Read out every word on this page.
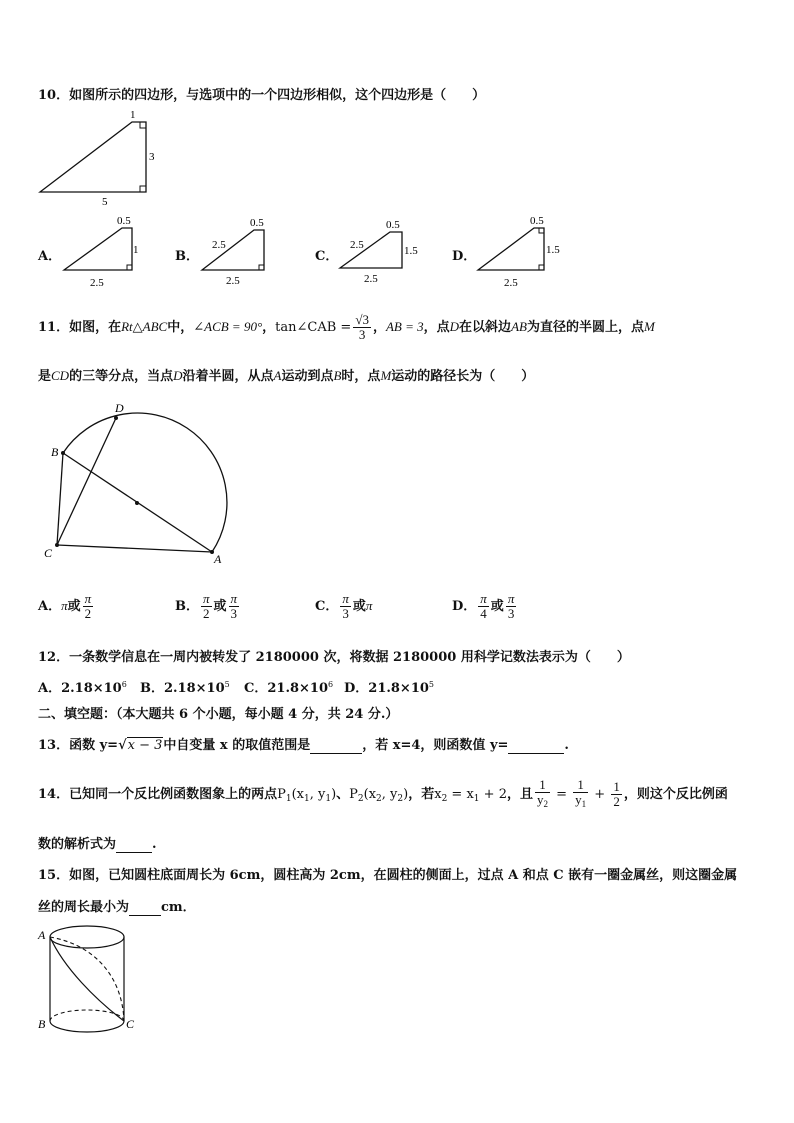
10．如图所示的四边形，与选项中的一个四边形相似，这个四边形是（　　）
1
3
5
0.5
1
2.5
0.5
2.5
2.5
0.5
2.5	1.5
2.5
0.5
1.5
2.5
D
B
C	A
A
B	C
A．	B．	C．	D．
11．如图，在Rt△ABC中，∠ACB = 90°，tan∠CAB = $\frac{√3}{3}$ ，AB = 3，点D在以斜边AB为直径的半圆上，点M
是CD的三等分点，当点D沿着半圆，从点A运动到点B时，点M运动的路径长为（　　）
A．π或 $\frac{\pi}{2}$	B． $\frac{\pi}{2}$ 或 $\frac{\pi}{3}$	C． $\frac{\pi}{3}$ 或π	D． $\frac{\pi}{4}$ 或 $\frac{\pi}{3}$
12．一条数学信息在一周内被转发了 2180000 次，将数据 2180000 用科学记数法表示为（　　）
A．$2.18\times 10^6$ B．$2.18\times 10^5$ C．$21.8\times 10^6$ D．$21.8\times 10^5$
二、填空题：（本大题共 6 个小题，每小题 4 分，共 24 分.）
13．函数 y=√x − 3中自变量 x 的取值范围是	，若 x=4，则函数值 y=	.
14．已知同一个反比例函数图象上的两点$P_1(x_1$, $y_1$)、$P_2(x_2$, $y_2$)，若$x_2 = x_1 + 2$，且 $\frac{1}{y_2} = \frac{1}{y_1} + \frac{1}{2}$ ，则这个反比例函
数的解析式为	.
15．如图，已知圆柱底面周长为 6cm，圆柱高为 2cm，在圆柱的侧面上，过点 A 和点 C 嵌有一圈金属丝，则这圈金属
丝的周长最小为 cm．
